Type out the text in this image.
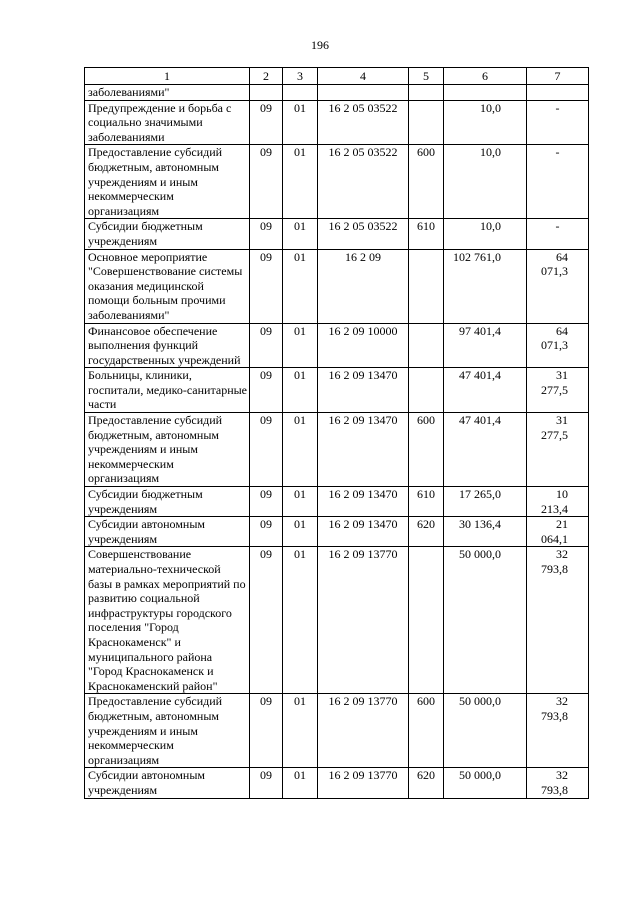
196
1	2	3	4	5	6	7
заболеваниями"						
Предупреждение и борьба с социально значимыми заболеваниями	09	01	16 2 05 03522		10,0	-
Предоставление субсидий бюджетным, автономным учреждениям и иным некоммерческим организациям	09	01	16 2 05 03522	600	10,0	-
Субсидии бюджетным учреждениям	09	01	16 2 05 03522	610	10,0	-
Основное мероприятие "Совершенствование системы оказания медицинской помощи больным прочими заболеваниями"	09	01	16 2 09		102 761,0	64 071,3
Финансовое обеспечение выполнения функций государственных учреждений	09	01	16 2 09 10000		97 401,4	64 071,3
Больницы, клиники, госпитали, медико-санитарные части	09	01	16 2 09 13470		47 401,4	31 277,5
Предоставление субсидий бюджетным, автономным учреждениям и иным некоммерческим организациям	09	01	16 2 09 13470	600	47 401,4	31 277,5
Субсидии бюджетным учреждениям	09	01	16 2 09 13470	610	17 265,0	10 213,4
Субсидии автономным учреждениям	09	01	16 2 09 13470	620	30 136,4	21 064,1
Совершенствование материально-технической базы в рамках мероприятий по развитию социальной инфраструктуры городского поселения "Город Краснокаменск" и муниципального района "Город Краснокаменск и Краснокаменский район"	09	01	16 2 09 13770		50 000,0	32 793,8
Предоставление субсидий бюджетным, автономным учреждениям и иным некоммерческим организациям	09	01	16 2 09 13770	600	50 000,0	32 793,8
Субсидии автономным учреждениям	09	01	16 2 09 13770	620	50 000,0	32 793,8
